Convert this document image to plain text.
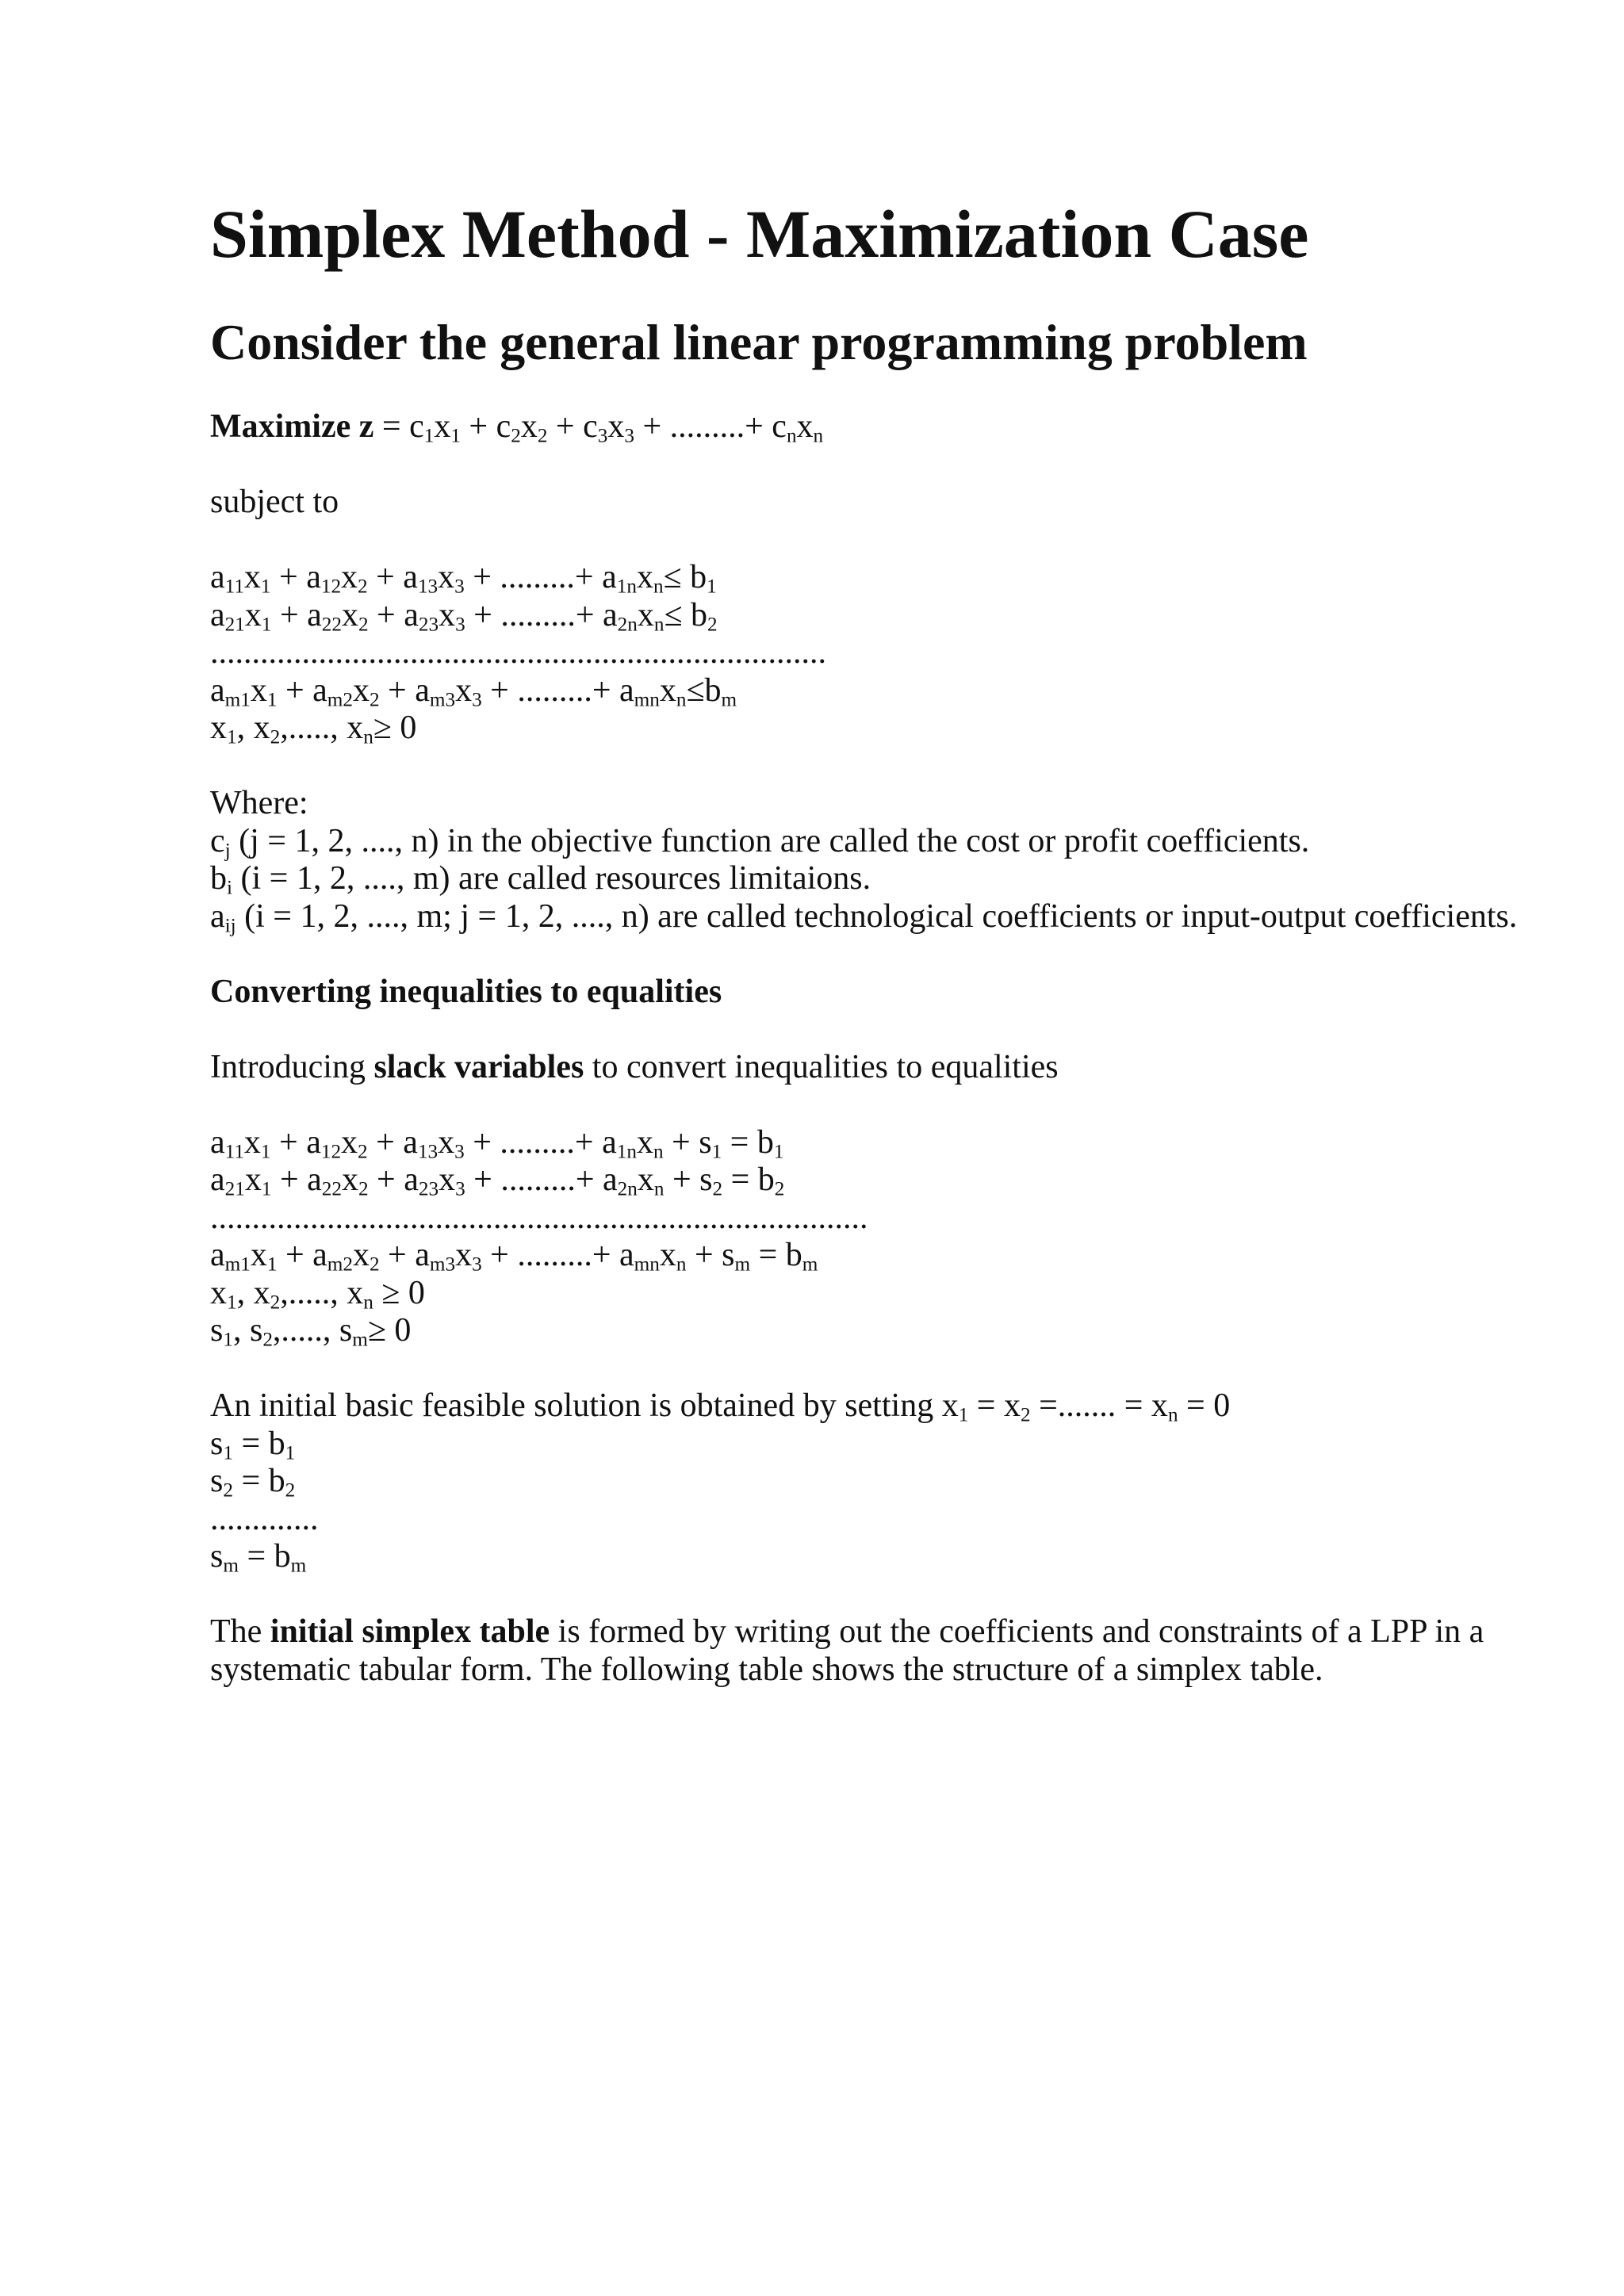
Simplex Method - Maximization Case
Consider the general linear programming problem

Maximize $z = c_1x_1 + c_2x_2 + c_3x_3$ + .........+ $c_nx_n$

subject to

$a_{11}x_1 + a_{12}x_2 + a_{13}x_3$ + .........+ $a_{1n}x_n\le b_1$

$a_{21}x_1 + a_{22}x_2 + a_{23}x_3$ + .........+ $a_{2n}x_n\le b_2$

..........................................................................

$a_{m1}x_1 + a_{m2}x_2 + a_{m3}x_3$ + .........+ $a_{mn}x_n\le b_m$

$x_1$, $x_2$,....., $x_n\ge 0$

Where:

$c_j$ (j = 1, 2, ...., n) in the objective function are called the cost or profit coefficients.

$b_i$ (i = 1, 2, ...., m) are called resources limitaions.

$a_{ij}$ (i = 1, 2, ...., m; j = 1, 2, ...., n) are called technological coefficients or input-output coefficients.

Converting inequalities to equalities

Introducing slack variables to convert inequalities to equalities

$a_{11}x_1 + a_{12}x_2 + a_{13}x_3$ + .........+ $a_{1n}x_n + s_1 = b_1$

$a_{21}x_1 + a_{22}x_2 + a_{23}x_3$ + .........+ $a_{2n}x_n + s_2 = b_2$

...............................................................................

$a_{m1}x_1 + a_{m2}x_2 + a_{m3}x_3$ + .........+ $a_{mn}x_n + s_m = b_m$

$x_1$, $x_2$,....., $x_n \ge 0$

$s_1$, $s_2$,....., $s_m\ge 0$

An initial basic feasible solution is obtained by setting $x_1 = x_2$ =....... = $x_n = 0$

$s_1 = b_1$

$s_2 = b_2$

.............

$s_m = b_m$

The initial simplex table is formed by writing out the coefficients and constraints of a LPP in a systematic tabular form. The following table shows the structure of a simplex table.
